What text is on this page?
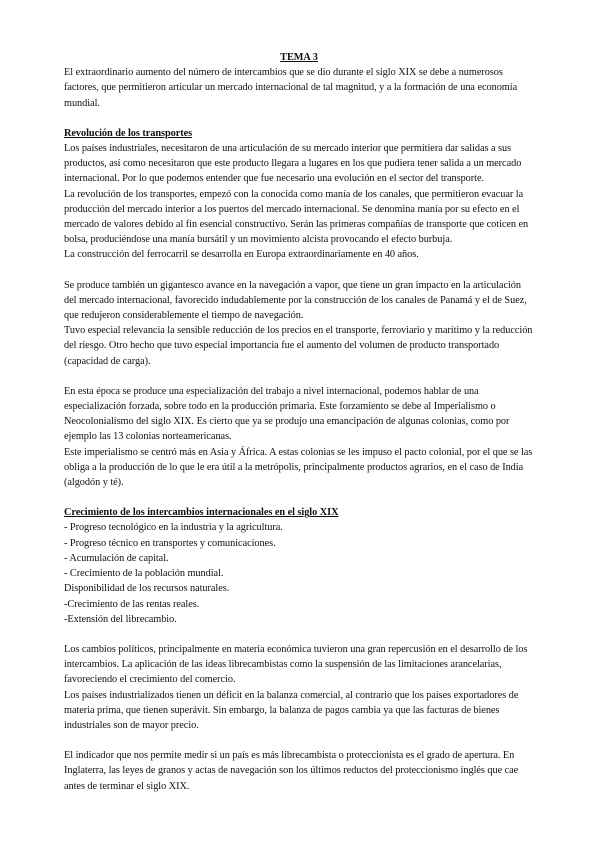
TEMA 3

El extraordinario aumento del número de intercambios que se dio durante el siglo XIX se debe a numerosos factores, que permitieron articular un mercado internacional de tal magnitud, y a la formación de una economía mundial.

Revolución de los transportes

Los países industriales, necesitaron de una articulación de su mercado interior que permitiera dar salidas a sus productos, así como necesitaron que este producto llegara a lugares en los que pudiera tener salida a un mercado internacional. Por lo que podemos entender que fue necesario una evolución en el sector del transporte.

La revolución de los transportes, empezó con la conocida como manía de los canales, que permitieron evacuar la producción del mercado interior a los puertos del mercado internacional. Se denomina manía por su efecto en el mercado de valores debido al fin esencial constructivo. Serán las primeras compañías de transporte que coticen en bolsa, produciéndose una manía bursátil y un movimiento alcista provocando el efecto burbuja.

La construcción del ferrocarril se desarrolla en Europa extraordinariamente en 40 años.

Se produce también un gigantesco avance en la navegación a vapor, que tiene un gran impacto en la articulación del mercado internacional, favorecido indudablemente por la construcción de los canales de Panamá y el de Suez, que redujeron considerablemente el tiempo de navegación.

Tuvo especial relevancia la sensible reducción de los precios en el transporte, ferroviario y marítimo y la reducción del riesgo. Otro hecho que tuvo especial importancia fue el aumento del volumen de producto transportado (capacidad de carga).

En esta época se produce una especialización del trabajo a nivel internacional, podemos hablar de una especialización forzada, sobre todo en la producción primaria. Este forzamiento se debe al Imperialismo o Neocolonialismo del siglo XIX. Es cierto que ya se produjo una emancipación de algunas colonias, como por ejemplo las 13 colonias norteamericanas.

Este imperialismo se centró más en Asia y África. A estas colonias se les impuso el pacto colonial, por el que se las obliga a la producción de lo que le era útil a la metrópolis, principalmente productos agrarios, en el caso de India (algodón y té).

Crecimiento de los intercambios internacionales en el siglo XIX

- Progreso tecnológico en la industria y la agricultura.
- Progreso técnico en transportes y comunicaciones.
- Acumulación de capital.
- Crecimiento de la población mundial.
Disponibilidad de los recursos naturales.
-Crecimiento de las rentas reales.
-Extensión del librecambio.

Los cambios políticos, principalmente en materia económica tuvieron una gran repercusión en el desarrollo de los intercambios. La aplicación de las ideas librecambistas como la suspensión de las limitaciones arancelarias, favoreciendo el crecimiento del comercio.

Los países industrializados tienen un déficit en la balanza comercial, al contrario que los países exportadores de materia prima, que tienen superávit. Sin embargo, la balanza de pagos cambia ya que las facturas de bienes industriales son de mayor precio.

El indicador que nos permite medir si un país es más librecambista o proteccionista es el grado de apertura. En Inglaterra, las leyes de granos y actas de navegación son los últimos reductos del proteccionismo inglés que cae antes de terminar el siglo XIX.
